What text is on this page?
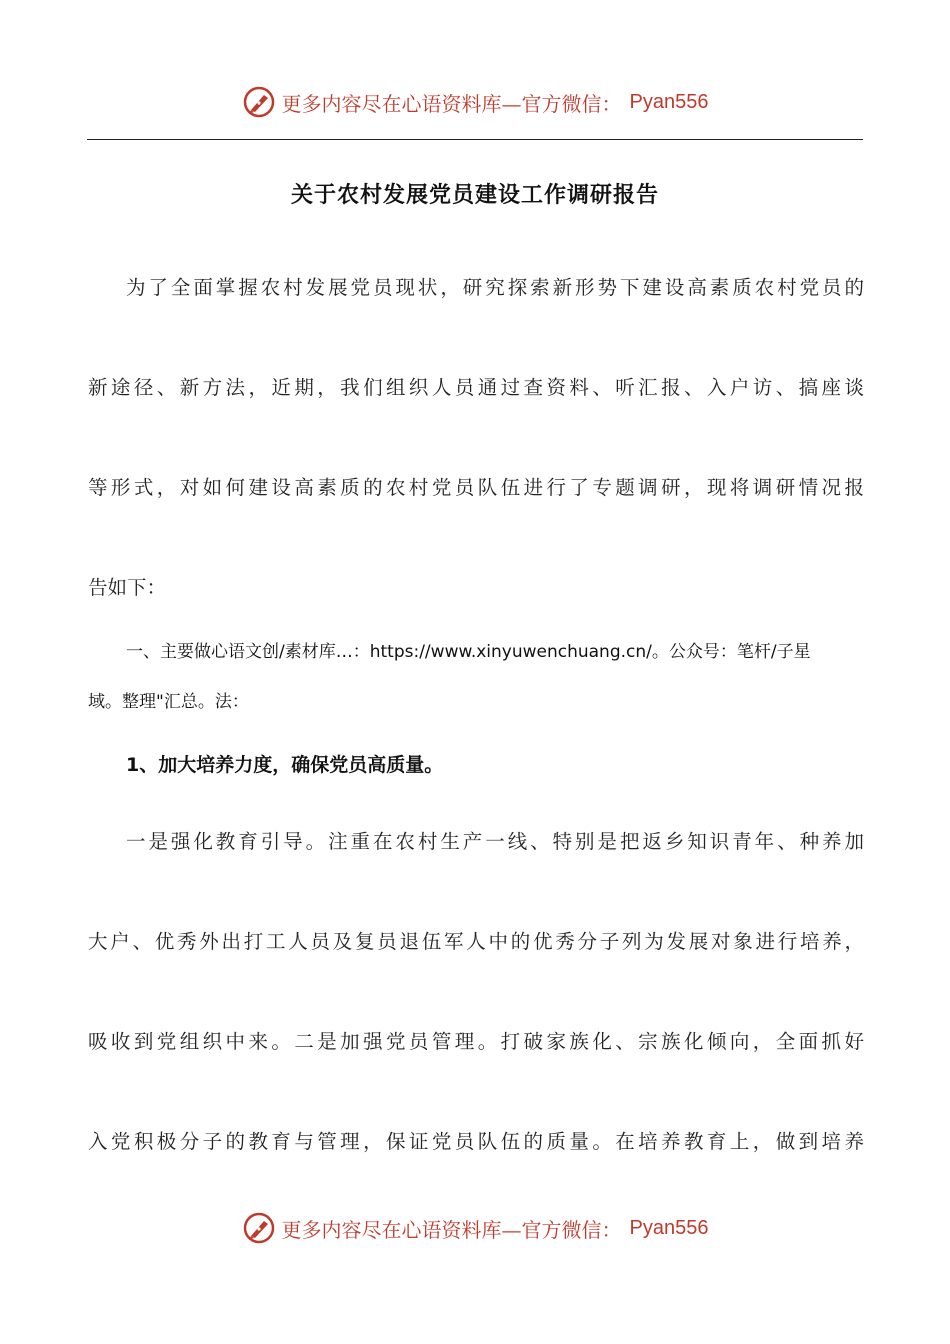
更多内容尽在心语资料库—官方微信： Pyan556
关于农村发展党员建设工作调研报告
为了全面掌握农村发展党员现状，研究探索新形势下建设高素质农村党员的
新途径、新方法，近期，我们组织人员通过查资料、听汇报、入户访、搞座谈
等形式，对如何建设高素质的农村党员队伍进行了专题调研，现将调研情况报
告如下：
一、主要做心语文创/素材库…：https://www.xinyuwenchuang.cn/。公众号：笔杆/子星
域。整理"汇总。法：
1、加大培养力度，确保党员高质量。
一是强化教育引导。注重在农村生产一线、特别是把返乡知识青年、种养加
大户、优秀外出打工人员及复员退伍军人中的优秀分子列为发展对象进行培养，
吸收到党组织中来。二是加强党员管理。打破家族化、宗族化倾向，全面抓好
入党积极分子的教育与管理，保证党员队伍的质量。在培养教育上，做到培养
更多内容尽在心语资料库—官方微信： Pyan556
